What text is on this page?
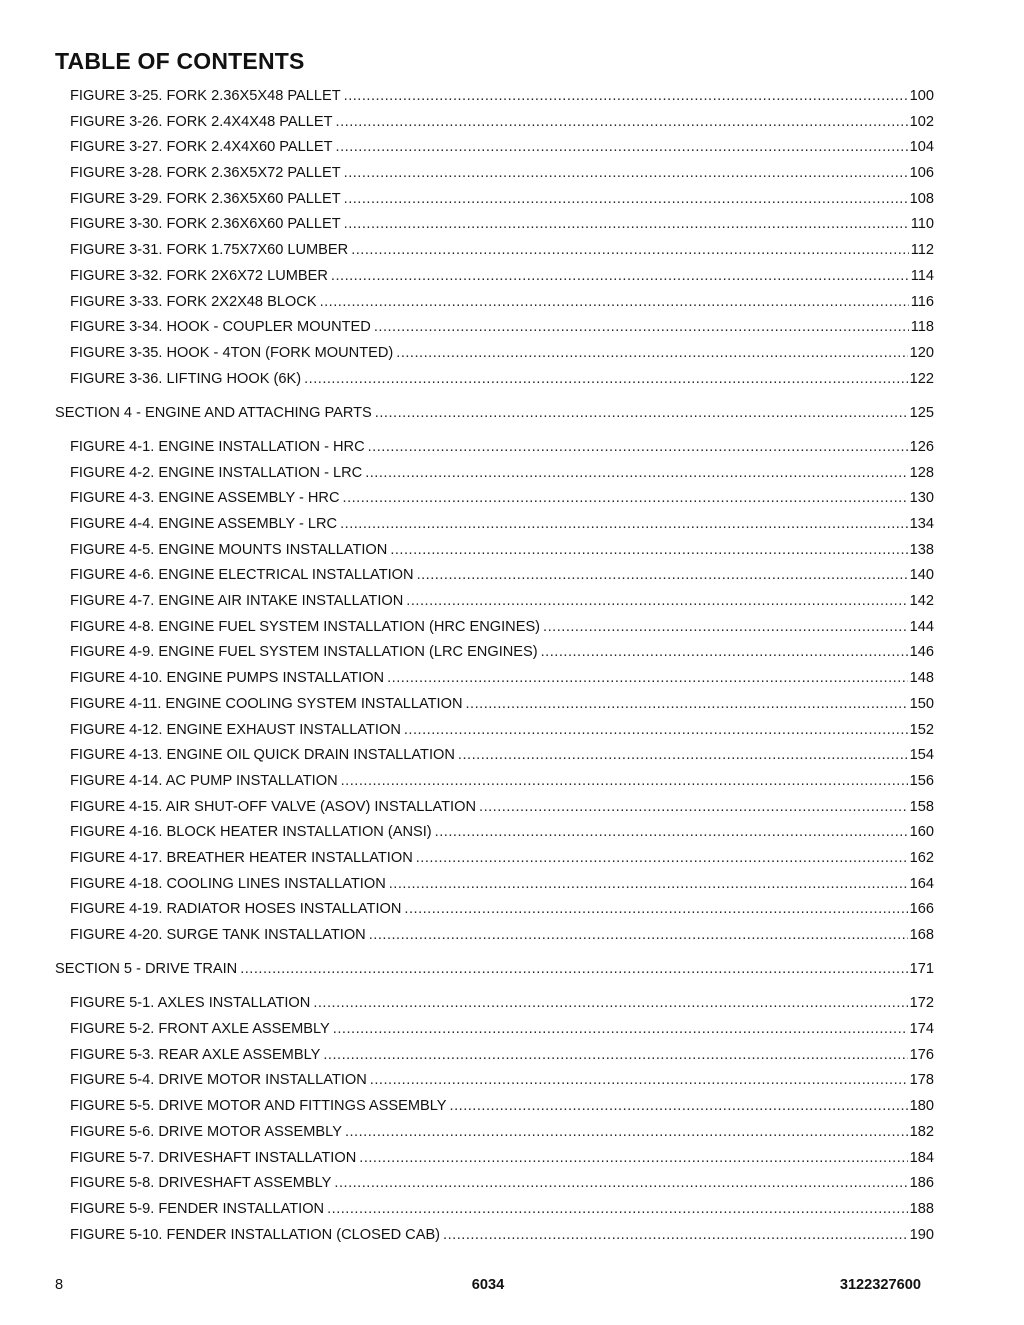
TABLE OF CONTENTS
FIGURE 3-25. FORK 2.36X5X48 PALLET .....	100
FIGURE 3-26. FORK 2.4X4X48 PALLET .....	102
FIGURE 3-27. FORK 2.4X4X60 PALLET .....	104
FIGURE 3-28. FORK 2.36X5X72 PALLET .....	106
FIGURE 3-29. FORK 2.36X5X60 PALLET .....	108
FIGURE 3-30. FORK 2.36X6X60 PALLET .....	110
FIGURE 3-31. FORK 1.75X7X60 LUMBER .....	112
FIGURE 3-32. FORK 2X6X72 LUMBER .....	114
FIGURE 3-33. FORK 2X2X48 BLOCK .....	116
FIGURE 3-34. HOOK - COUPLER MOUNTED .....	118
FIGURE 3-35. HOOK - 4TON (FORK MOUNTED) .....	120
FIGURE 3-36. LIFTING HOOK (6K) .....	122
SECTION 4 - ENGINE AND ATTACHING PARTS .....	125
FIGURE 4-1. ENGINE INSTALLATION - HRC .....	126
FIGURE 4-2. ENGINE INSTALLATION - LRC .....	128
FIGURE 4-3. ENGINE ASSEMBLY - HRC .....	130
FIGURE 4-4. ENGINE ASSEMBLY - LRC .....	134
FIGURE 4-5. ENGINE MOUNTS INSTALLATION .....	138
FIGURE 4-6. ENGINE ELECTRICAL INSTALLATION .....	140
FIGURE 4-7. ENGINE AIR INTAKE INSTALLATION .....	142
FIGURE 4-8. ENGINE FUEL SYSTEM INSTALLATION (HRC ENGINES) .....	144
FIGURE 4-9. ENGINE FUEL SYSTEM INSTALLATION (LRC ENGINES) .....	146
FIGURE 4-10. ENGINE PUMPS INSTALLATION .....	148
FIGURE 4-11. ENGINE COOLING SYSTEM INSTALLATION .....	150
FIGURE 4-12. ENGINE EXHAUST INSTALLATION .....	152
FIGURE 4-13. ENGINE OIL QUICK DRAIN INSTALLATION .....	154
FIGURE 4-14. AC PUMP INSTALLATION .....	156
FIGURE 4-15. AIR SHUT-OFF VALVE (ASOV) INSTALLATION .....	158
FIGURE 4-16. BLOCK HEATER INSTALLATION (ANSI) .....	160
FIGURE 4-17. BREATHER HEATER INSTALLATION .....	162
FIGURE 4-18. COOLING LINES INSTALLATION .....	164
FIGURE 4-19. RADIATOR HOSES INSTALLATION .....	166
FIGURE 4-20. SURGE TANK INSTALLATION .....	168
SECTION 5 - DRIVE TRAIN .....	171
FIGURE 5-1. AXLES INSTALLATION .....	172
FIGURE 5-2. FRONT AXLE ASSEMBLY .....	174
FIGURE 5-3. REAR AXLE ASSEMBLY .....	176
FIGURE 5-4. DRIVE MOTOR INSTALLATION .....	178
FIGURE 5-5. DRIVE MOTOR AND FITTINGS ASSEMBLY .....	180
FIGURE 5-6. DRIVE MOTOR ASSEMBLY .....	182
FIGURE 5-7. DRIVESHAFT INSTALLATION .....	184
FIGURE 5-8. DRIVESHAFT ASSEMBLY .....	186
FIGURE 5-9. FENDER INSTALLATION .....	188
FIGURE 5-10. FENDER INSTALLATION (CLOSED CAB) .....	190
8	6034	3122327600
